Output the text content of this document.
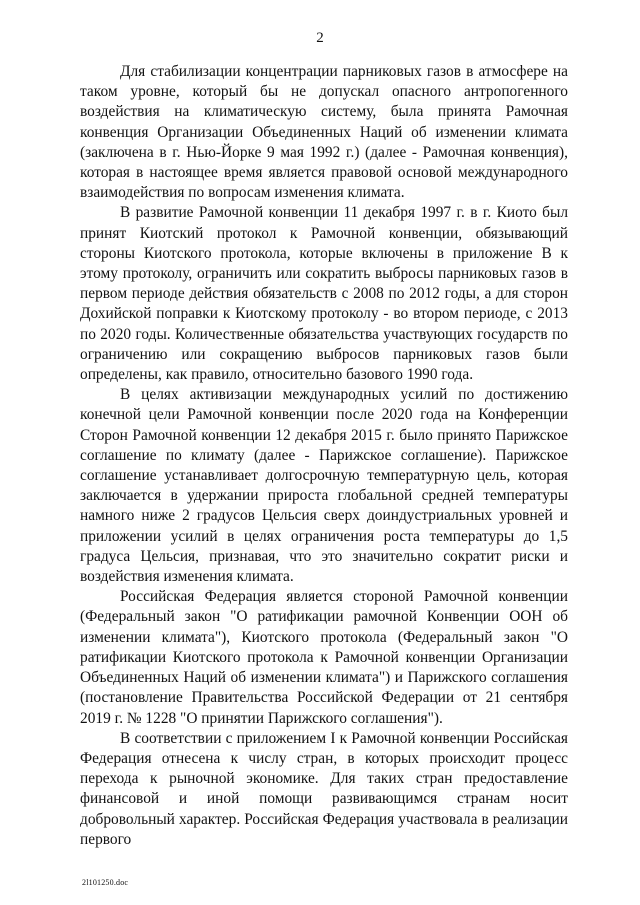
2

Для стабилизации концентрации парниковых газов в атмосфере на таком уровне, который бы не допускал опасного антропогенного воздействия на климатическую систему, была принята Рамочная конвенция Организации Объединенных Наций об изменении климата (заключена в г. Нью-Йорке 9 мая 1992 г.) (далее - Рамочная конвенция), которая в настоящее время является правовой основой международного взаимодействия по вопросам изменения климата.

В развитие Рамочной конвенции 11 декабря 1997 г. в г. Киото был принят Киотский протокол к Рамочной конвенции, обязывающий стороны Киотского протокола, которые включены в приложение В к этому протоколу, ограничить или сократить выбросы парниковых газов в первом периоде действия обязательств с 2008 по 2012 годы, а для сторон Дохийской поправки к Киотскому протоколу - во втором периоде, с 2013 по 2020 годы. Количественные обязательства участвующих государств по ограничению или сокращению выбросов парниковых газов были определены, как правило, относительно базового 1990 года.

В целях активизации международных усилий по достижению конечной цели Рамочной конвенции после 2020 года на Конференции Сторон Рамочной конвенции 12 декабря 2015 г. было принято Парижское соглашение по климату (далее - Парижское соглашение). Парижское соглашение устанавливает долгосрочную температурную цель, которая заключается в удержании прироста глобальной средней температуры намного ниже 2 градусов Цельсия сверх доиндустриальных уровней и приложении усилий в целях ограничения роста температуры до 1,5 градуса Цельсия, признавая, что это значительно сократит риски и воздействия изменения климата.

Российская Федерация является стороной Рамочной конвенции (Федеральный закон "О ратификации рамочной Конвенции ООН об изменении климата"), Киотского протокола (Федеральный закон "О ратификации Киотского протокола к Рамочной конвенции Организации Объединенных Наций об изменении климата") и Парижского соглашения (постановление Правительства Российской Федерации от 21 сентября 2019 г. № 1228 "О принятии Парижского соглашения").

В соответствии с приложением I к Рамочной конвенции Российская Федерация отнесена к числу стран, в которых происходит процесс перехода к рыночной экономике. Для таких стран предоставление финансовой и иной помощи развивающимся странам носит добровольный характер. Российская Федерация участвовала в реализации первого

2l101250.doc
